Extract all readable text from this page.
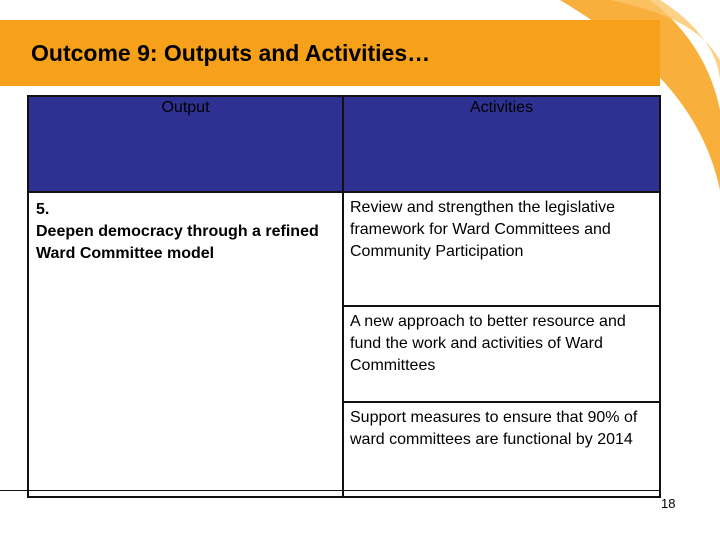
Outcome 9: Outputs and Activities…
Output	Activities

5.
Deepen democracy through a refined Ward Committee model	Review and strengthen the legislative framework for Ward Committees and Community Participation
	A new approach to better resource and fund the work and activities of Ward Committees
	Support measures to ensure that 90% of ward committees are functional by 2014
18
